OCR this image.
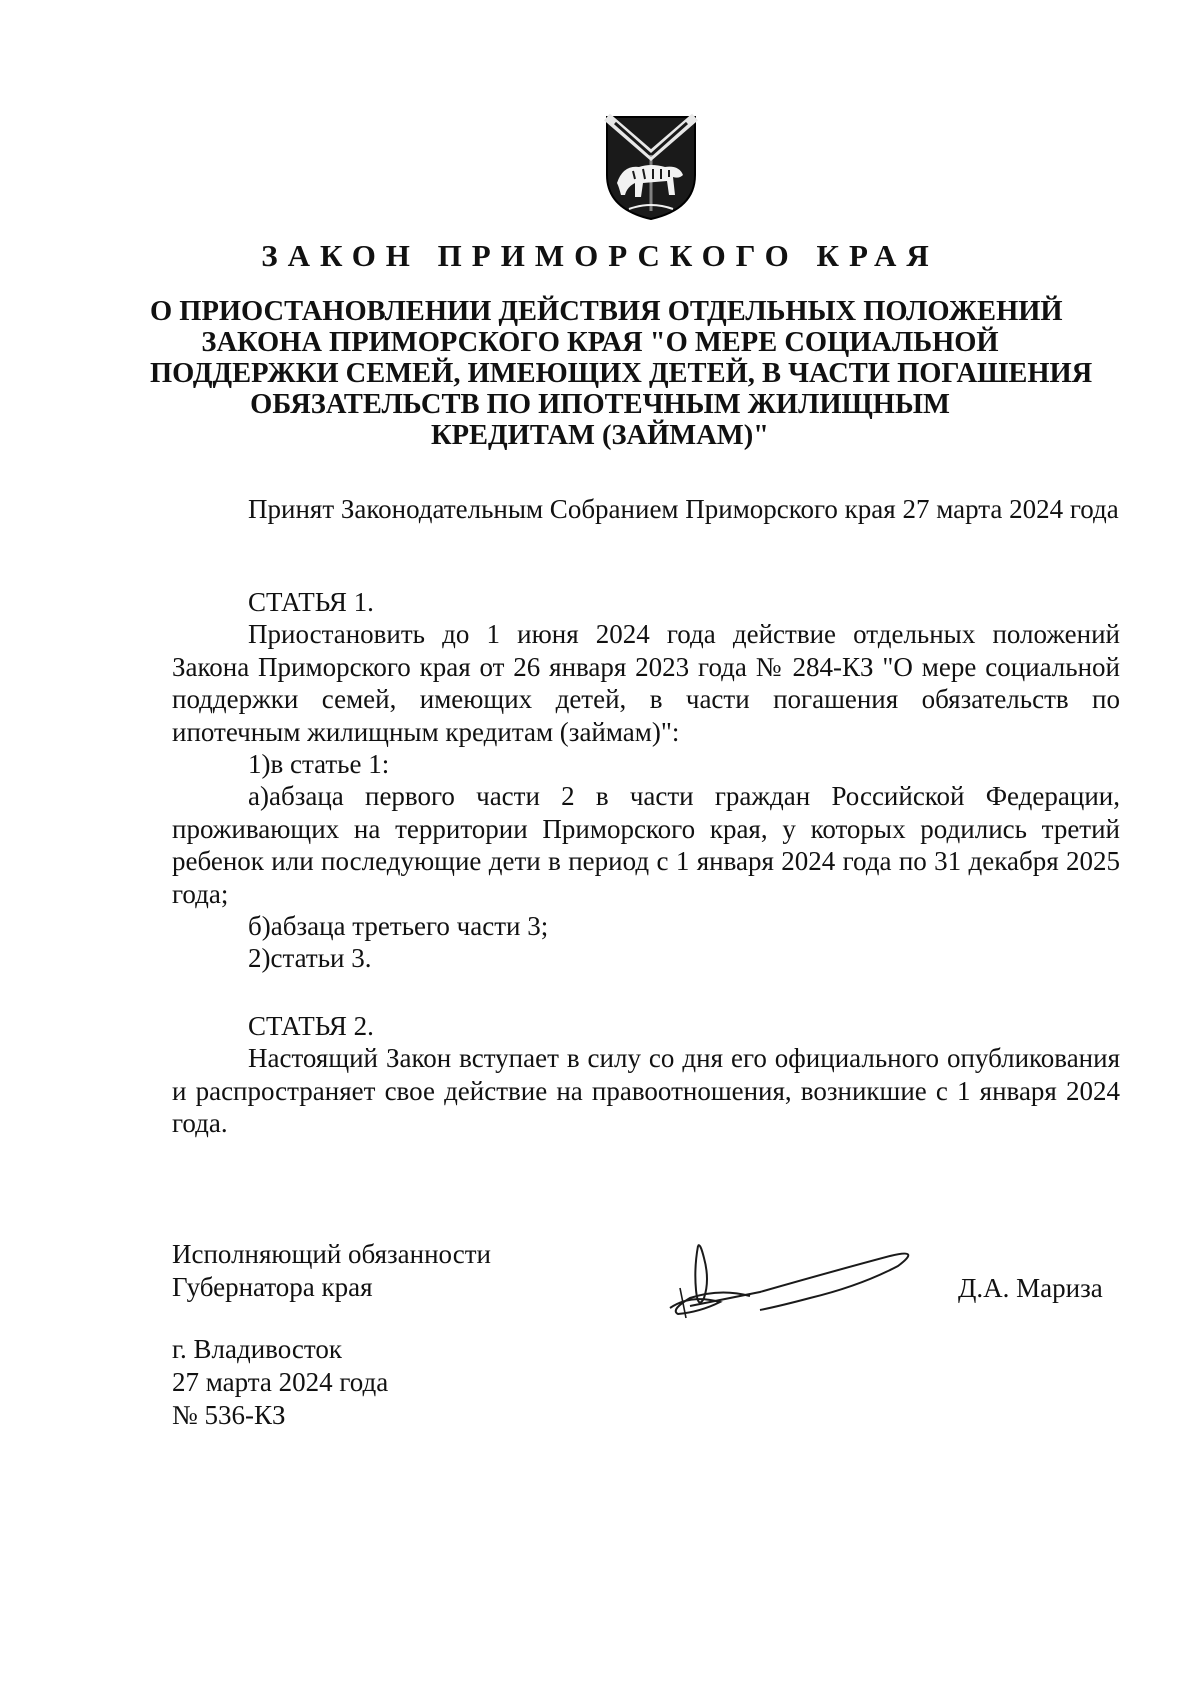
ЗАКОН ПРИМОРСКОГО КРАЯ
О ПРИОСТАНОВЛЕНИИ ДЕЙСТВИЯ ОТДЕЛЬНЫХ ПОЛОЖЕНИЙ
ЗАКОНА ПРИМОРСКОГО КРАЯ "О МЕРЕ СОЦИАЛЬНОЙ
ПОДДЕРЖКИ СЕМЕЙ, ИМЕЮЩИХ ДЕТЕЙ, В ЧАСТИ ПОГАШЕНИЯ
ОБЯЗАТЕЛЬСТВ ПО ИПОТЕЧНЫМ ЖИЛИЩНЫМ
КРЕДИТАМ (ЗАЙМАМ)"
Принят Законодательным Собранием Приморского края 27 марта 2024 года
СТАТЬЯ 1.
Приостановить до 1 июня 2024 года действие отдельных положений Закона Приморского края от 26 января 2023 года № 284-КЗ "О мере социальной поддержки семей, имеющих детей, в части погашения обязательств по ипотечным жилищным кредитам (займам)":
1)в статье 1:
а)абзаца первого части 2 в части граждан Российской Федерации, проживающих на территории Приморского края, у которых родились третий ребенок или последующие дети в период с 1 января 2024 года по 31 декабря 2025 года;
б)абзаца третьего части 3;
2)статьи 3.
СТАТЬЯ 2.
Настоящий Закон вступает в силу со дня его официального опубликования и распространяет свое действие на правоотношения, возникшие с 1 января 2024 года.
Исполняющий обязанности
Губернатора края	Д.А. Мариза
г. Владивосток
27 марта 2024 года
№ 536-КЗ
